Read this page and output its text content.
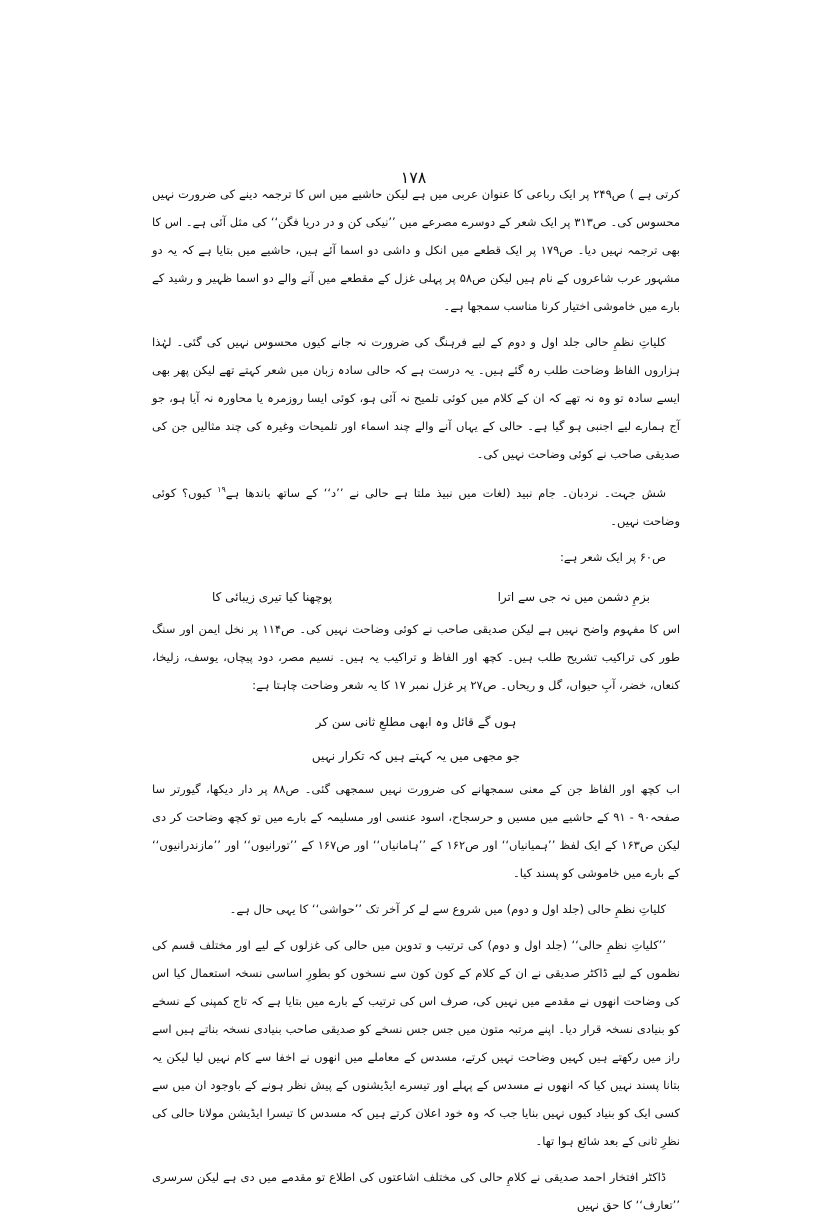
۱۷۸

کرتی ہے ) ص۲۴۹ پر ایک رباعی کا عنوان عربی میں ہے لیکن حاشیے میں اس کا ترجمہ دینے کی ضرورت نہیں محسوس کی۔ ص۳۱۳ پر ایک شعر کے دوسرے مصرعے میں ’’نیکی کن و در دریا فگن‘‘ کی مثل آئی ہے۔ اس کا بھی ترجمہ نہیں دیا۔ ص۱۷۹ پر ایک قطعے میں انکل و داشی دو اسما آئے ہیں، حاشیے میں بتایا ہے کہ یہ دو مشہور عرب شاعروں کے نام ہیں لیکن ص۵۸ پر پہلی غزل کے مقطعے میں آنے والے دو اسما ظہیر و رشید کے بارے میں خاموشی اختیار کرنا مناسب سمجھا ہے۔

کلیاتِ نظمِ حالی جلد اول و دوم کے لیے فرہنگ کی ضرورت نہ جانے کیوں محسوس نہیں کی گئی۔ لہٰذا ہزاروں الفاظ وضاحت طلب رہ گئے ہیں۔ یہ درست ہے کہ حالی سادہ زبان میں شعر کہتے تھے لیکن پھر بھی ایسے سادہ تو وہ نہ تھے کہ ان کے کلام میں کوئی تلمیح نہ آئی ہو، کوئی ایسا روزمرہ یا محاورہ نہ آیا ہو، جو آج ہمارے لیے اجنبی ہو گیا ہے۔ حالی کے یہاں آنے والے چند اسماء اور تلمیحات وغیرہ کی چند مثالیں جن کی صدیقی صاحب نے کوئی وضاحت نہیں کی۔

شش جہت۔ نردبان۔ جام نبید (لغات میں نبیذ ملتا ہے حالی نے ’’د‘‘ کے ساتھ باندھا ہے$^{۱۹}$ کیوں؟ کوئی وضاحت نہیں۔

ص۶۰ پر ایک شعر ہے:

بزمِ دشمن میں نہ جی سے اترا
پوچھنا کیا تیری زیبائی کا

اس کا مفہوم واضح نہیں ہے لیکن صدیقی صاحب نے کوئی وضاحت نہیں کی۔ ص۱۱۴ پر نخل ایمن اور سنگ طور کی تراکیب تشریح طلب ہیں۔ کچھ اور الفاظ و تراکیب یہ ہیں۔ نسیم مصر، دود پیچاں، یوسف، زلیخا، کنعاں، خضر، آبِ حیواں، گل و ریحاں۔ ص۲۷ پر غزل نمبر ۱۷ کا یہ شعر وضاحت چاہتا ہے:

ہوں گے قائل وہ ابھی مطلعِ ثانی سن کر
جو مجھی میں یہ کہتے ہیں کہ تکرار نہیں

اب کچھ اور الفاظ جن کے معنی سمجھانے کی ضرورت نہیں سمجھی گئی۔ ص۸۸ پر دار دیکھا، گیورتر سا صفحہ۹۰ - ۹۱ کے حاشیے میں مسیں و حرسجاح، اسود عنسی اور مسلیمہ کے بارے میں تو کچھ وضاحت کر دی لیکن ص۱۶۳ کے ایک لفظ ’’ہمیانیاں‘‘ اور ص۱۶۲ کے ’’ہامانیاں‘‘ اور ص۱۶۷ کے ’’تورانیوں‘‘ اور ’’مازندرانیوں‘‘ کے بارے میں خاموشی کو پسند کیا۔

کلیاتِ نظمِ حالی (جلد اول و دوم) میں شروع سے لے کر آخر تک ’’حواشی‘‘ کا یہی حال ہے۔

’’کلیاتِ نظمِ حالی‘‘ (جلد اول و دوم) کی ترتیب و تدوین میں حالی کی غزلوں کے لیے اور مختلف قسم کی نظموں کے لیے ڈاکٹر صدیقی نے ان کے کلام کے کون کون سے نسخوں کو بطورِ اساسی نسخہ استعمال کیا اس کی وضاحت انھوں نے مقدمے میں نہیں کی، صرف اس کی ترتیب کے بارے میں بتایا ہے کہ تاج کمپنی کے نسخے کو بنیادی نسخہ قرار دیا۔ اپنے مرتبہ متون میں جس جس نسخے کو صدیقی صاحب بنیادی نسخہ بناتے ہیں اسے راز میں رکھتے ہیں کہیں وضاحت نہیں کرتے، مسدس کے معاملے میں انھوں نے اخفا سے کام نہیں لیا لیکن یہ بتانا پسند نہیں کیا کہ انھوں نے مسدس کے پہلے اور تیسرے ایڈیشنوں کے پیش نظر ہونے کے باوجود ان میں سے کسی ایک کو بنیاد کیوں نہیں بنایا جب کہ وہ خود اعلان کرتے ہیں کہ مسدس کا تیسرا ایڈیشن مولانا حالی کی نظرِ ثانی کے بعد شائع ہوا تھا۔

ڈاکٹر افتخار احمد صدیقی نے کلامِ حالی کی مختلف اشاعتوں کی اطلاع تو مقدمے میں دی ہے لیکن سرسری ’’تعارف‘‘ کا حق نہیں
